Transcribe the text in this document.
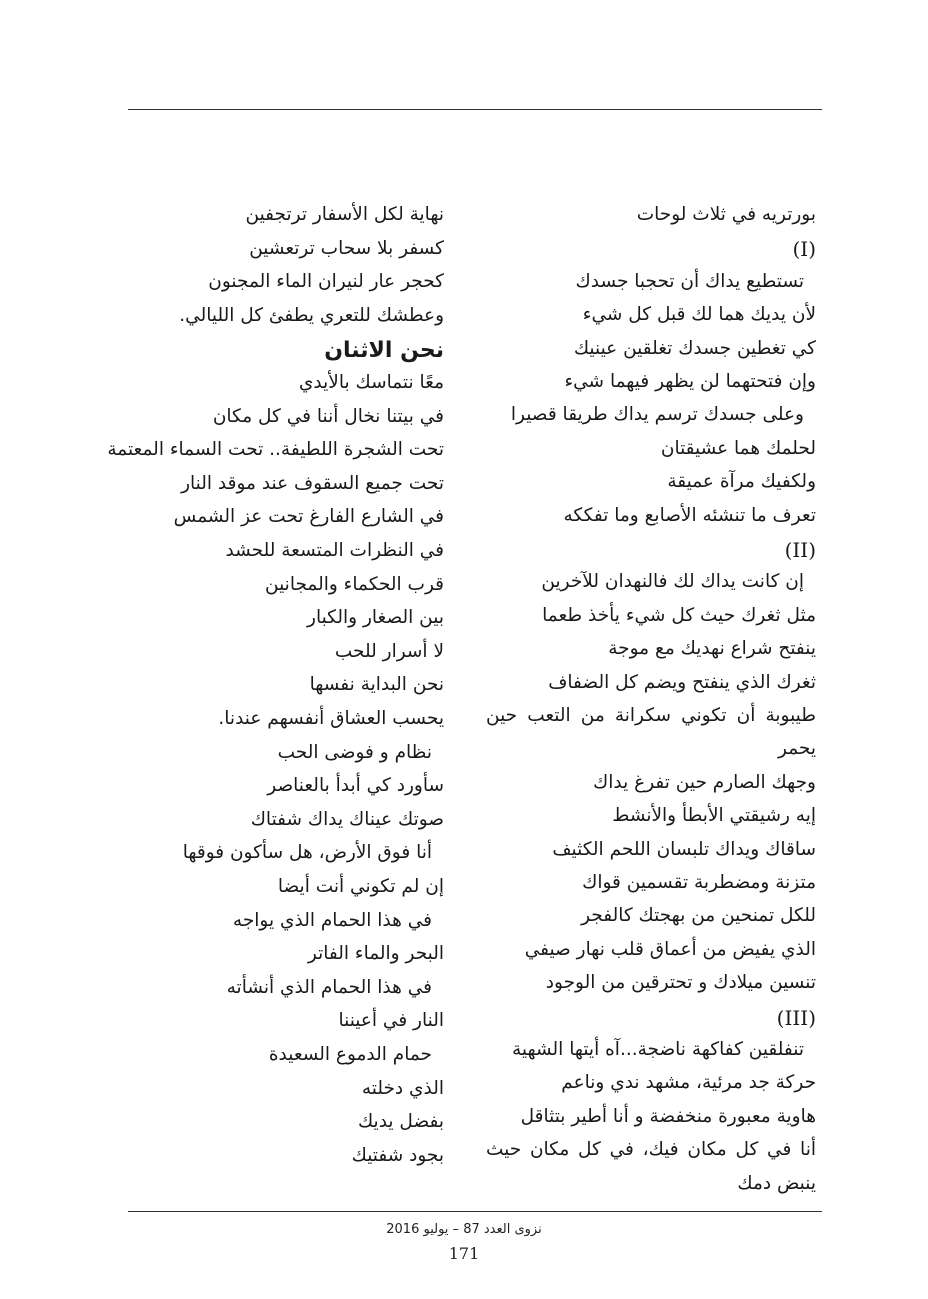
بورتريه في ثلاث لوحات
(I)
تستطيع يداك أن تحجبا جسدك
لأن يديك هما لك قبل كل شيء
كي تغطين جسدك تغلقين عينيك
وإن فتحتهما لن يظهر فيهما شيء
وعلى جسدك ترسم يداك طريقا قصيرا
لحلمك هما عشيقتان
ولكفيك مرآة عميقة
تعرف ما تنشئه الأصابع وما تفككه
(II)
إن كانت يداك لك فالنهدان للآخرين
مثل ثغرك حيث كل شيء يأخذ طعما
ينفتح شراع نهديك مع موجة
ثغرك الذي ينفتح ويضم كل الضفاف
طيبوبة أن تكوني سكرانة من التعب حين
يحمر
وجهك الصارم حين تفرغ يداك
إيه رشيقتي الأبطأ والأنشط
ساقاك ويداك تلبسان اللحم الكثيف
متزنة ومضطربة تقسمين قواك
للكل تمنحين من بهجتك كالفجر
الذي يفيض من أعماق قلب نهار صيفي
تنسين ميلادك و تحترقين من الوجود
(III)
تنفلقين كفاكهة ناضجة...آه أيتها الشهية
حركة جد مرئية، مشهد ندي وناعم
هاوية معبورة منخفضة و أنا أطير بتثاقل
أنا في كل مكان فيك، في كل مكان حيث
ينبض دمك
نهاية لكل الأسفار ترتجفين
كسفر بلا سحاب ترتعشين
كحجر عار لنيران الماء المجنون
وعطشك للتعري يطفئ كل الليالي.
نحن الاثنان
معًا نتماسك بالأيدي
في بيتنا نخال أننا في كل مكان
تحت الشجرة اللطيفة.. تحت السماء المعتمة
تحت جميع السقوف عند موقد النار
في الشارع الفارغ تحت عز الشمس
في النظرات المتسعة للحشد
قرب الحكماء والمجانين
بين الصغار والكبار
لا أسرار للحب
نحن البداية نفسها
يحسب العشاق أنفسهم عندنا.
نظام و فوضى الحب
سأورد كي أبدأ بالعناصر
صوتك عيناك يداك شفتاك
أنا فوق الأرض، هل سأكون فوقها
إن لم تكوني أنت أيضا
في هذا الحمام الذي يواجه
البحر والماء الفاتر
في هذا الحمام الذي أنشأته
النار في أعيننا
حمام الدموع السعيدة
الذي دخلته
بفضل يديك
بجود شفتيك
نزوى العدد 87 – يوليو 2016
171
